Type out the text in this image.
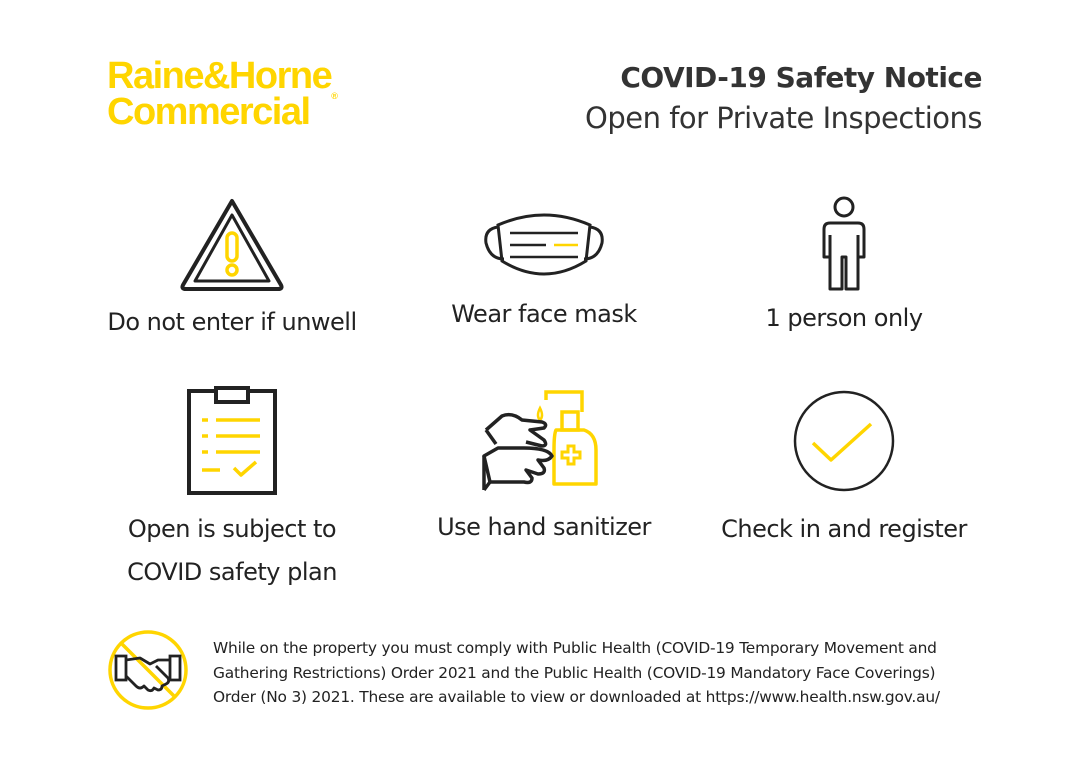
Raine&Horne®
Commercial
COVID-19 Safety Notice
Open for Private Inspections
Do not enter if unwell	Wear face mask	1 person only
Open is subject to
COVID safety plan
Use hand sanitizer	Check in and register
While on the property you must comply with Public Health (COVID-19 Temporary Movement and
Gathering Restrictions) Order 2021 and the Public Health (COVID-19 Mandatory Face Coverings)
Order (No 3) 2021. These are available to view or downloaded at https://www.health.nsw.gov.au/
